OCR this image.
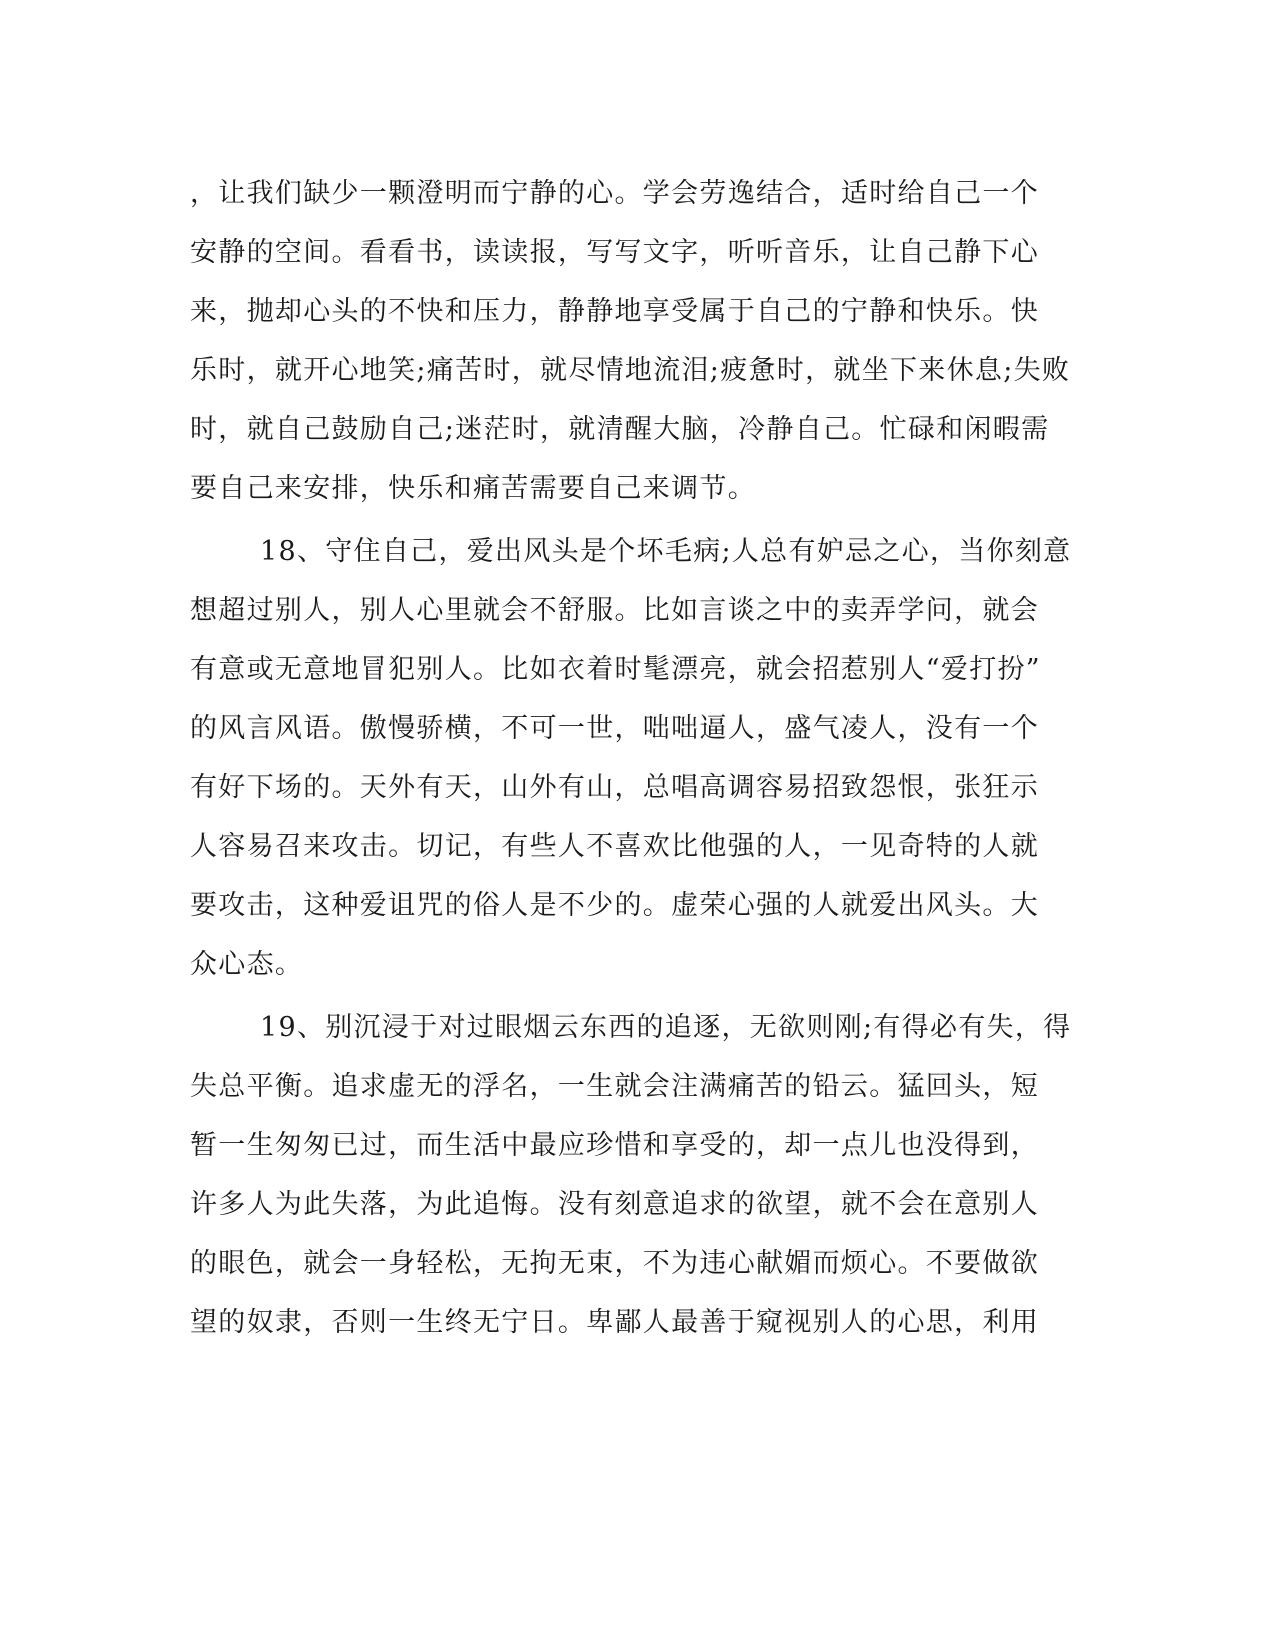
，让我们缺少一颗澄明而宁静的心。学会劳逸结合，适时给自己一个
安静的空间。看看书，读读报，写写文字，听听音乐，让自己静下心
来，抛却心头的不快和压力，静静地享受属于自己的宁静和快乐。快
乐时，就开心地笑;痛苦时，就尽情地流泪;疲惫时，就坐下来休息;失败
时，就自己鼓励自己;迷茫时，就清醒大脑，冷静自己。忙碌和闲暇需
要自己来安排，快乐和痛苦需要自己来调节。
18、守住自己，爱出风头是个坏毛病;人总有妒忌之心，当你刻意
想超过别人，别人心里就会不舒服。比如言谈之中的卖弄学问，就会
有意或无意地冒犯别人。比如衣着时髦漂亮，就会招惹别人“爱打扮”
的风言风语。傲慢骄横，不可一世，咄咄逼人，盛气凌人，没有一个
有好下场的。天外有天，山外有山，总唱高调容易招致怨恨，张狂示
人容易召来攻击。切记，有些人不喜欢比他强的人，一见奇特的人就
要攻击，这种爱诅咒的俗人是不少的。虚荣心强的人就爱出风头。大
众心态。
19、别沉浸于对过眼烟云东西的追逐，无欲则刚;有得必有失，得
失总平衡。追求虚无的浮名，一生就会注满痛苦的铅云。猛回头，短
暂一生匆匆已过，而生活中最应珍惜和享受的，却一点儿也没得到，
许多人为此失落，为此追悔。没有刻意追求的欲望，就不会在意别人
的眼色，就会一身轻松，无拘无束，不为违心献媚而烦心。不要做欲
望的奴隶，否则一生终无宁日。卑鄙人最善于窥视别人的心思，利用
